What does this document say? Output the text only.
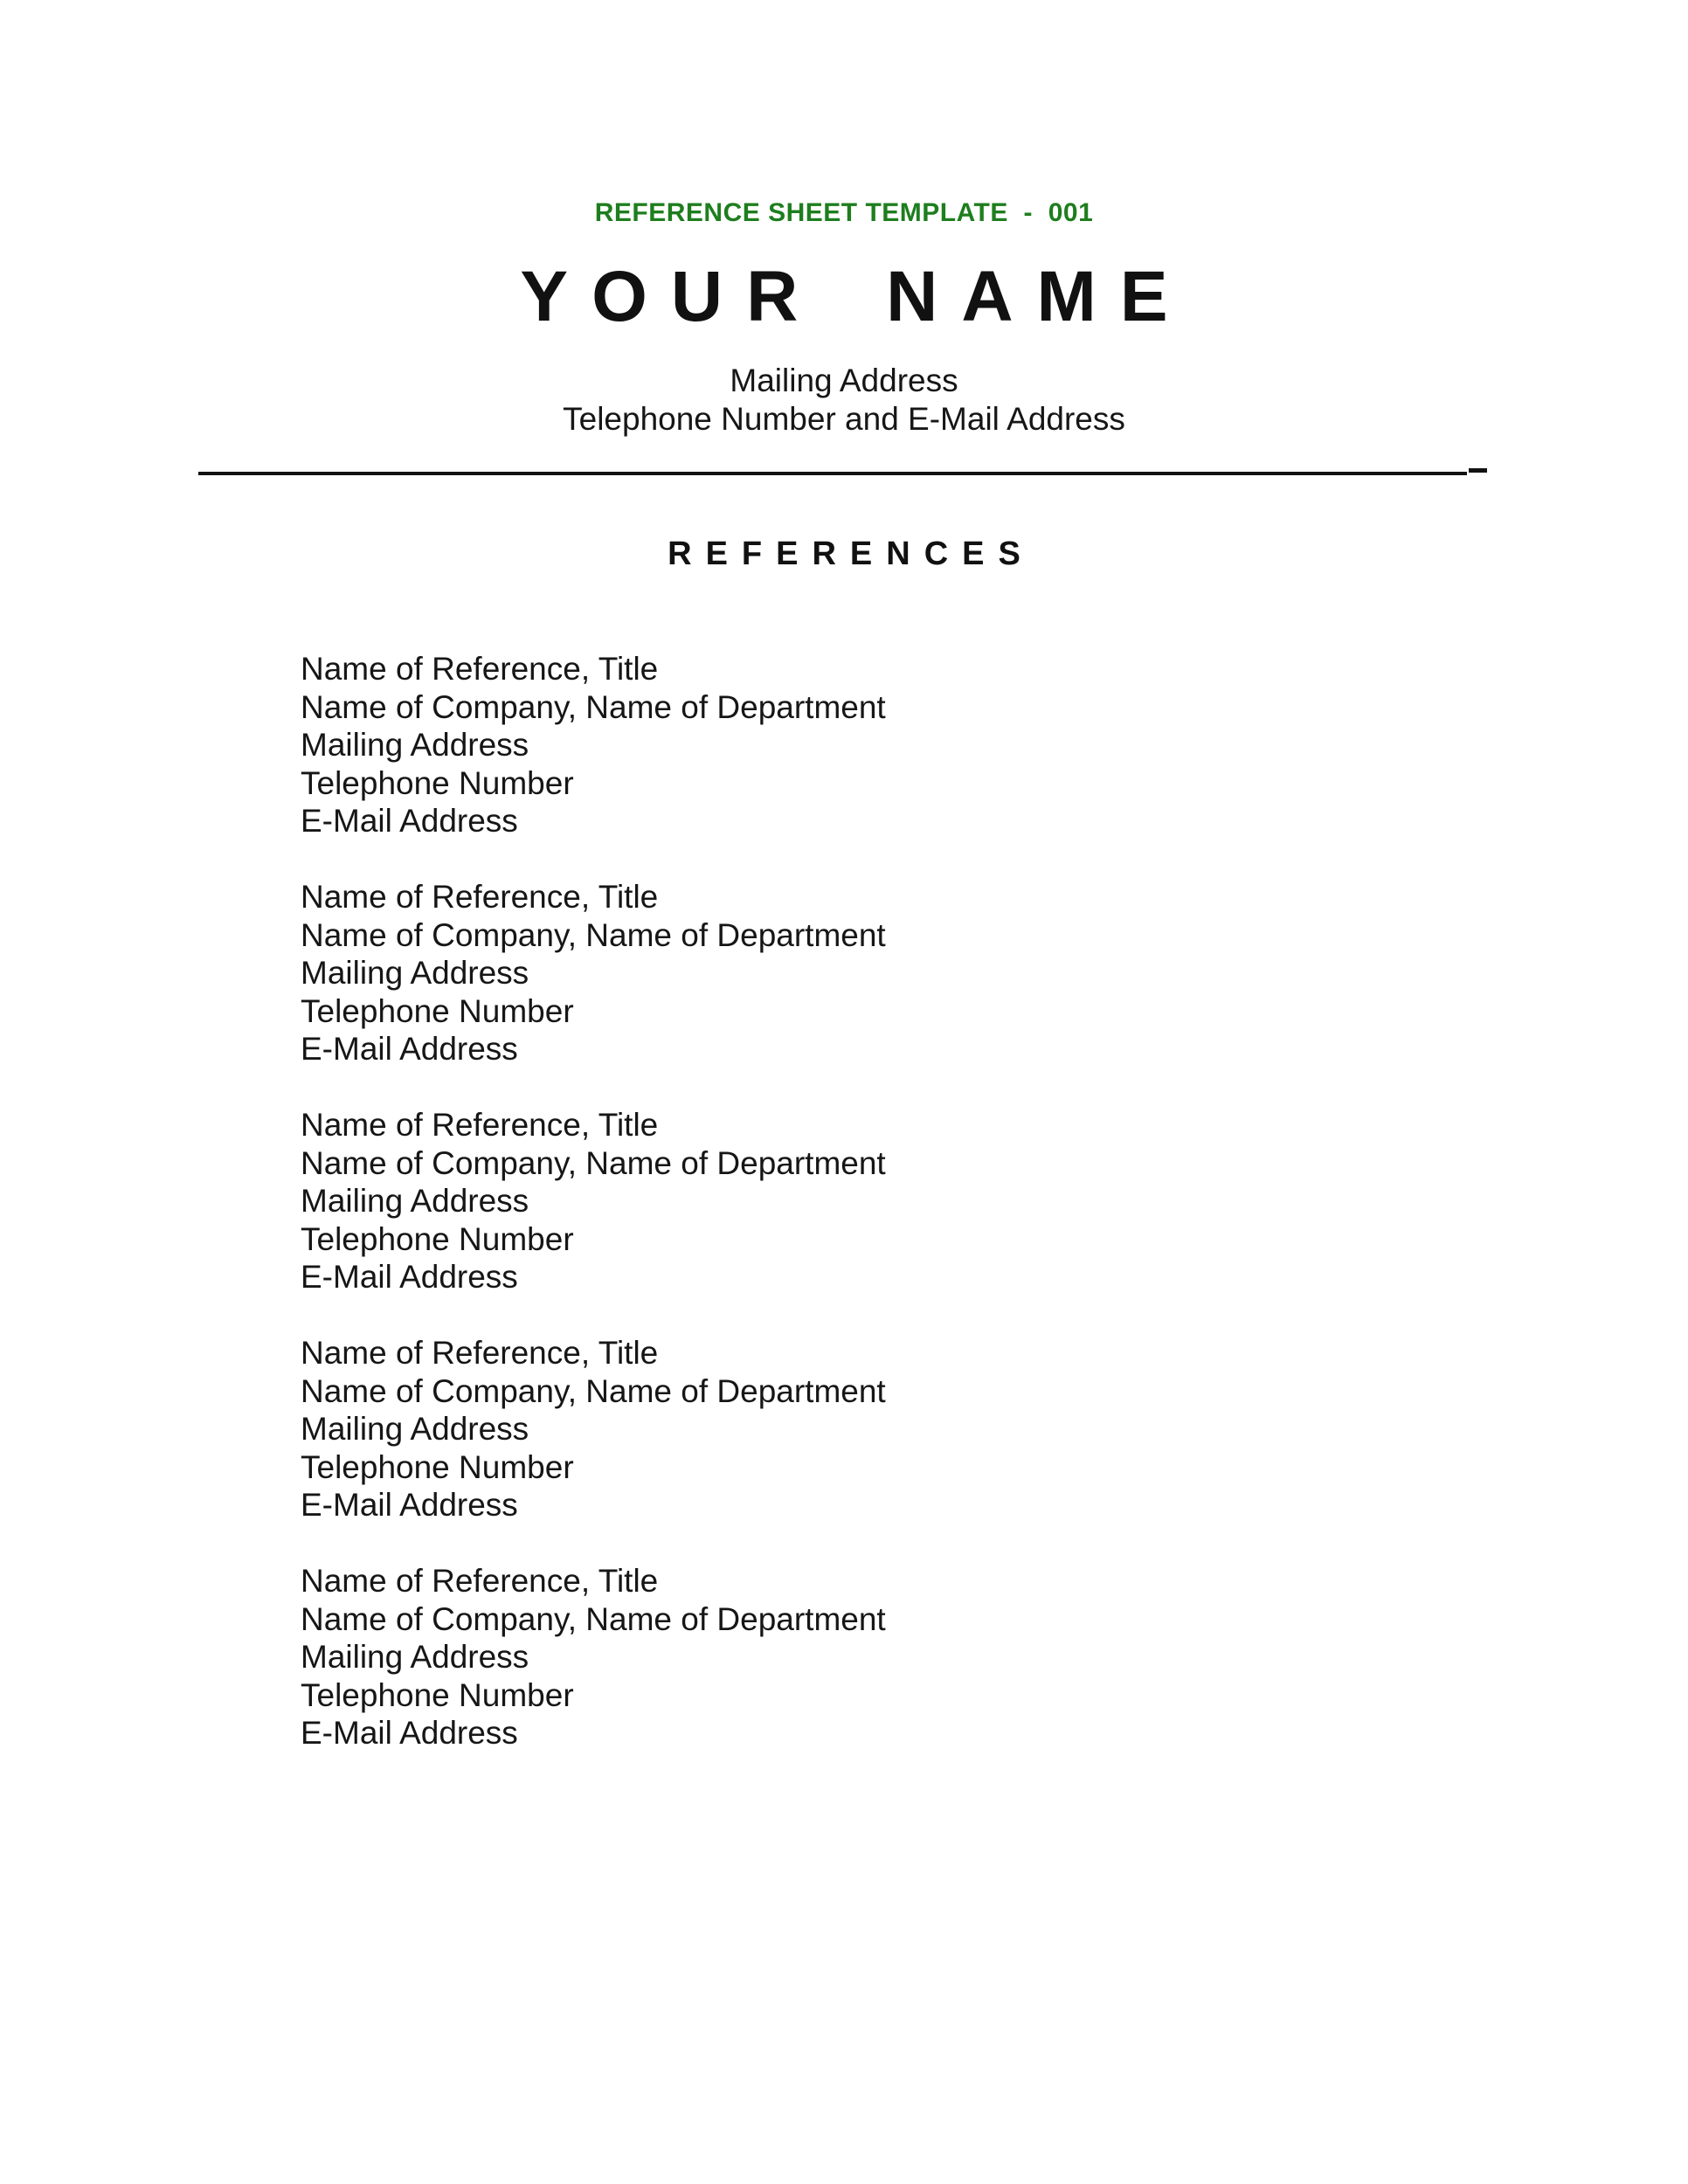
REFERENCE SHEET TEMPLATE  -  001
YOUR NAME
Mailing Address
Telephone Number and E-Mail Address
REFERENCES
Name of Reference, Title
Name of Company, Name of Department
Mailing Address
Telephone Number
E-Mail Address
Name of Reference, Title
Name of Company, Name of Department
Mailing Address
Telephone Number
E-Mail Address
Name of Reference, Title
Name of Company, Name of Department
Mailing Address
Telephone Number
E-Mail Address
Name of Reference, Title
Name of Company, Name of Department
Mailing Address
Telephone Number
E-Mail Address
Name of Reference, Title
Name of Company, Name of Department
Mailing Address
Telephone Number
E-Mail Address
